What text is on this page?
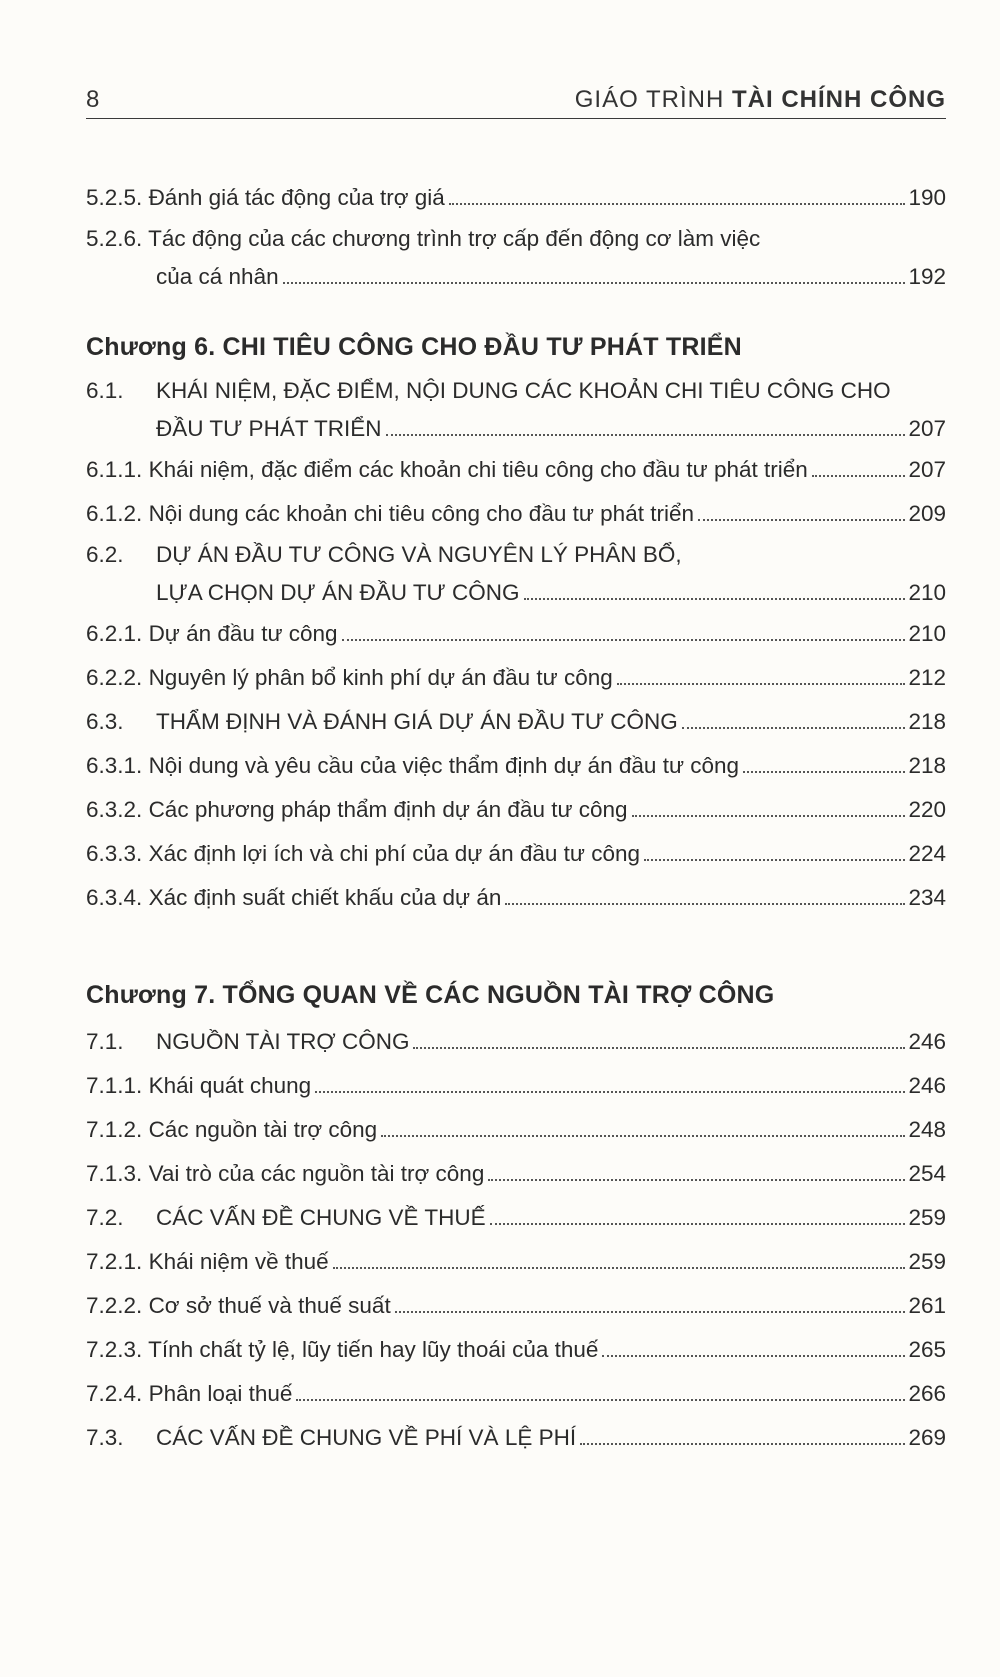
8	GIÁO TRÌNH TÀI CHÍNH CÔNG
5.2.5. Đánh giá tác động của trợ giá	190
5.2.6. Tác động của các chương trình trợ cấp đến động cơ làm việc
của cá nhân	192
Chương 6. CHI TIÊU CÔNG CHO ĐẦU TƯ PHÁT TRIỂN
6.1. KHÁI NIỆM, ĐẶC ĐIỂM, NỘI DUNG CÁC KHOẢN CHI TIÊU CÔNG CHO
ĐẦU TƯ PHÁT TRIỂN	207
6.1.1. Khái niệm, đặc điểm các khoản chi tiêu công cho đầu tư phát triển	207
6.1.2. Nội dung các khoản chi tiêu công cho đầu tư phát triển	209
6.2. DỰ ÁN ĐẦU TƯ CÔNG VÀ NGUYÊN LÝ PHÂN BỔ,
LỰA CHỌN DỰ ÁN ĐẦU TƯ CÔNG	210
6.2.1. Dự án đầu tư công	210
6.2.2. Nguyên lý phân bổ kinh phí dự án đầu tư công	212
6.3.	THẨM ĐỊNH VÀ ĐÁNH GIÁ DỰ ÁN ĐẦU TƯ CÔNG	218
6.3.1. Nội dung và yêu cầu của việc thẩm định dự án đầu tư công	218
6.3.2. Các phương pháp thẩm định dự án đầu tư công	220
6.3.3. Xác định lợi ích và chi phí của dự án đầu tư công	224
6.3.4. Xác định suất chiết khấu của dự án	234
Chương 7. TỔNG QUAN VỀ CÁC NGUỒN TÀI TRỢ CÔNG
7.1.	NGUỒN TÀI TRỢ CÔNG	246
7.1.1. Khái quát chung	246
7.1.2. Các nguồn tài trợ công	248
7.1.3. Vai trò của các nguồn tài trợ công	254
7.2.	CÁC VẤN ĐỀ CHUNG VỀ THUẾ	259
7.2.1. Khái niệm về thuế	259
7.2.2. Cơ sở thuế và thuế suất	261
7.2.3. Tính chất tỷ lệ, lũy tiến hay lũy thoái của thuế	265
7.2.4. Phân loại thuế	266
7.3.	CÁC VẤN ĐỀ CHUNG VỀ PHÍ VÀ LỆ PHÍ	269
